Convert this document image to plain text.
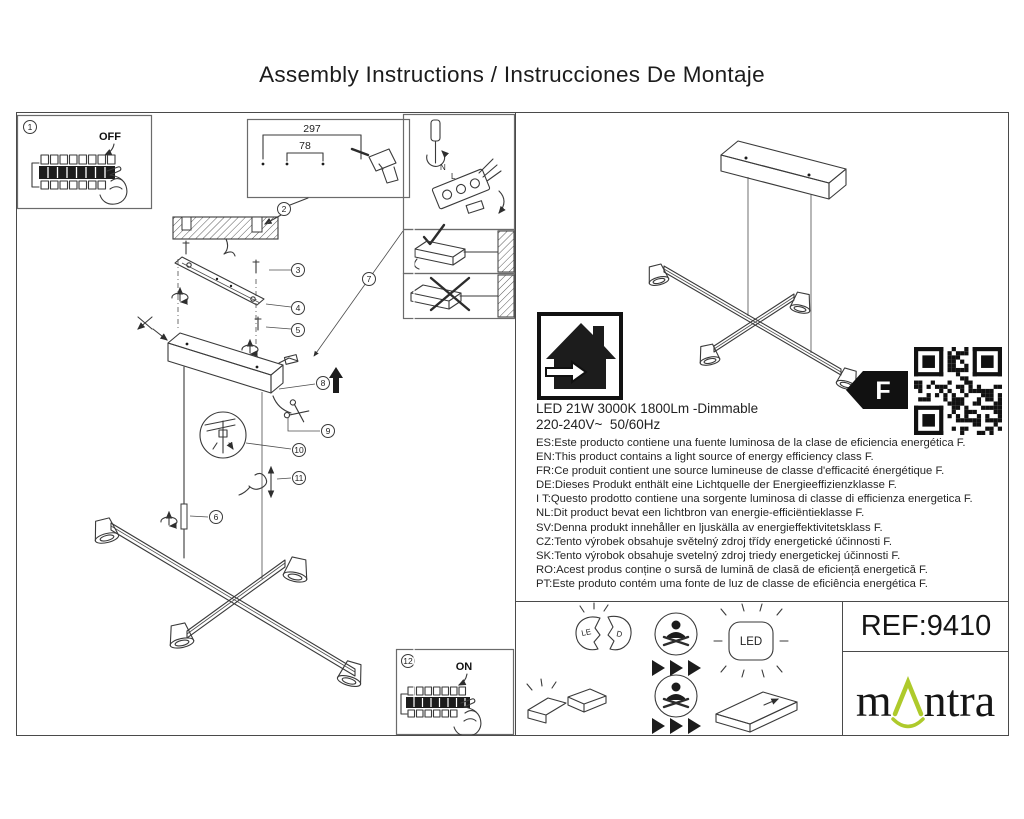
Assembly Instructions / Instrucciones De Montaje
1
OFF
297
78
2
3
4
5
7
8
10
9
6
11
N
L
12	ON
F
LED 21W 3000K 1800Lm -Dimmable
220-240V~  50/60Hz
ES:Este producto contiene una fuente luminosa de la clase de eficiencia energética F.
EN:This product contains a light source of energy efficiency class F.
FR:Ce produit contient une source lumineuse de classe d'efficacité énergétique F.
DE:Dieses Produkt enthält eine Lichtquelle der Energieeffizienzklasse F.
I T:Questo prodotto contiene una sorgente luminosa di classe di efficienza energetica F.
NL:Dit product bevat een lichtbron van energie-efficiëntieklasse F.
SV:Denna produkt innehåller en ljuskälla av energieffektivitetsklass F.
CZ:Tento výrobek obsahuje světelný zdroj třídy energetické účinnosti F.
SK:Tento výrobok obsahuje svetelný zdroj triedy energetickej účinnosti F.
RO:Acest produs conține o sursă de lumină de clasă de eficiență energetică F.
PT:Este produto contém uma fonte de luz de classe de eficiência energética F.
LE	D
LED	REF:9410
m ntra
